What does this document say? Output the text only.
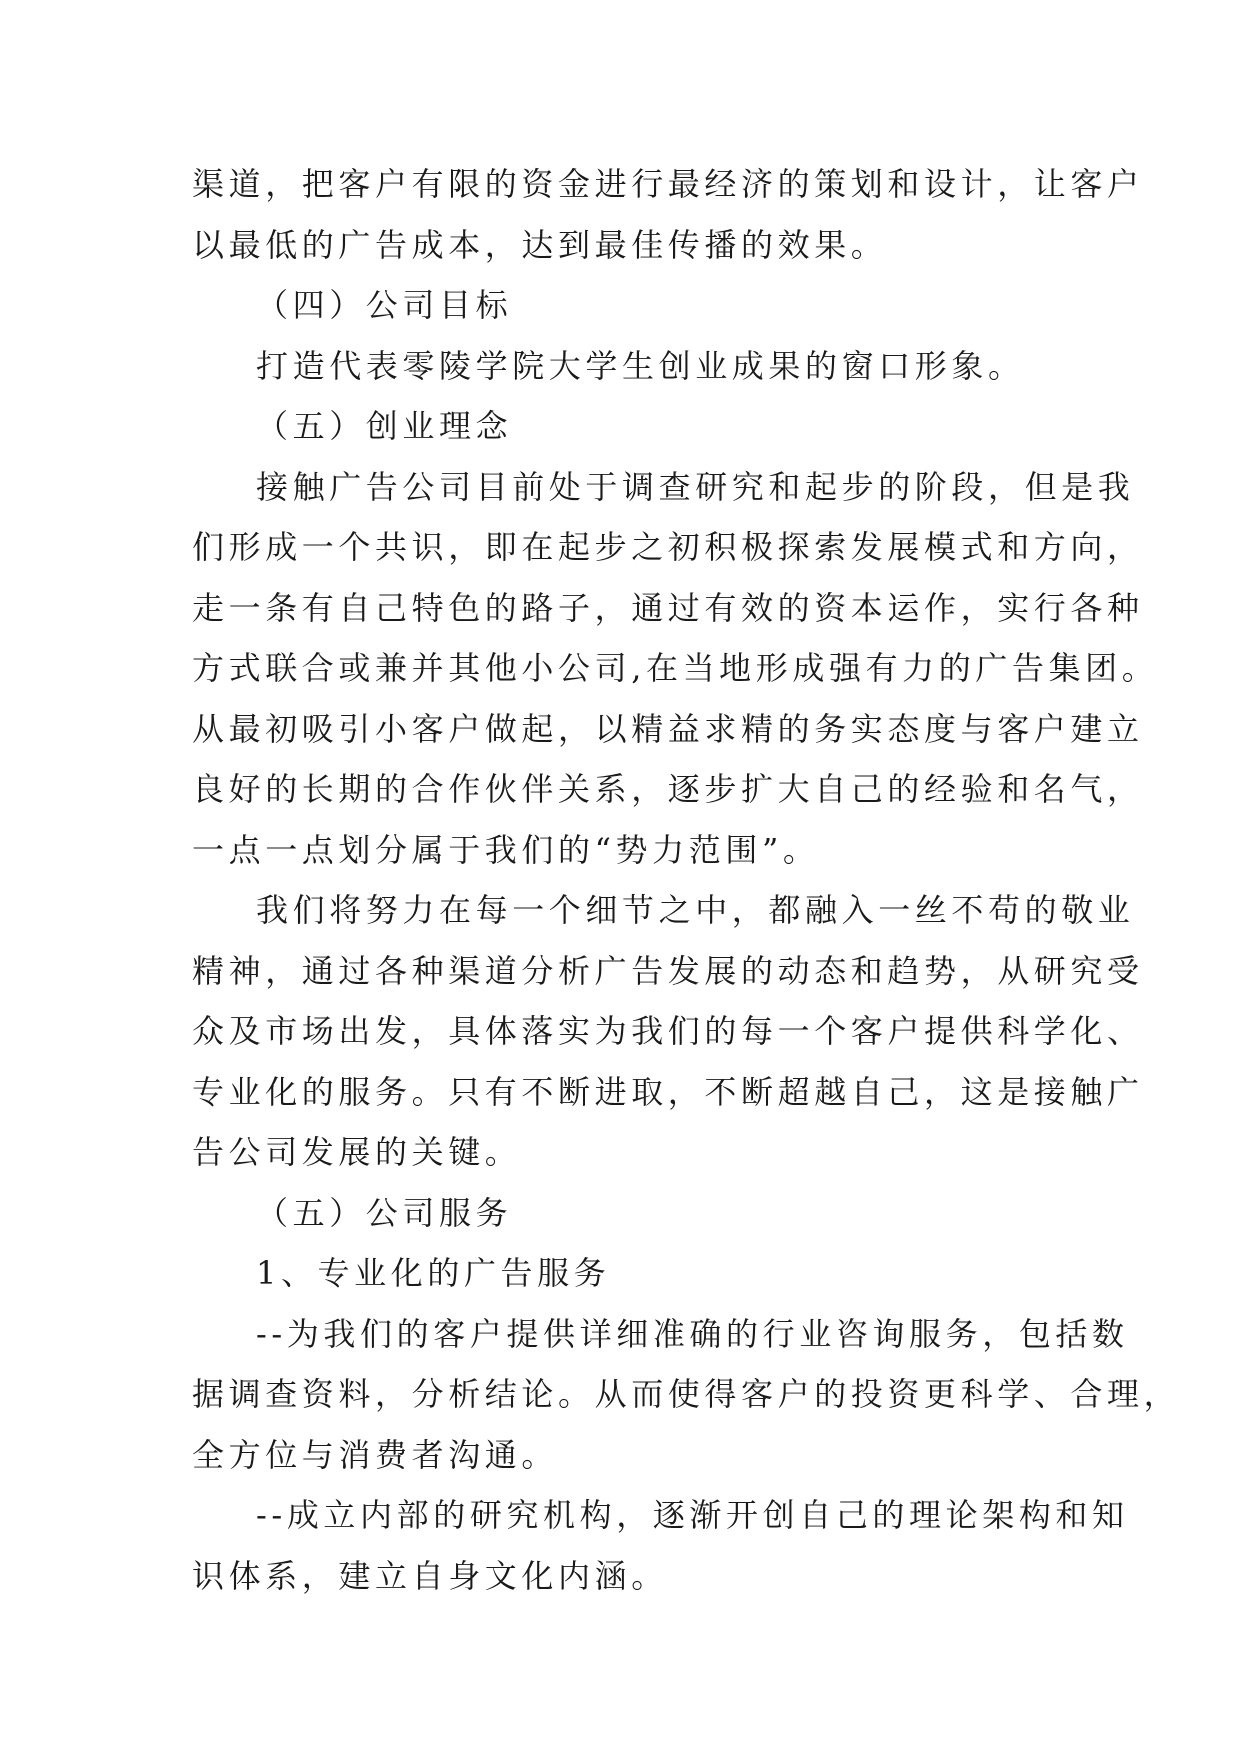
渠道，把客户有限的资金进行最经济的策划和设计，让客户
以最低的广告成本，达到最佳传播的效果。
（四）公司目标
打造代表零陵学院大学生创业成果的窗口形象。
（五）创业理念
接触广告公司目前处于调查研究和起步的阶段，但是我
们形成一个共识，即在起步之初积极探索发展模式和方向，
走一条有自己特色的路子，通过有效的资本运作，实行各种
方式联合或兼并其他小公司,在当地形成强有力的广告集团。
从最初吸引小客户做起，以精益求精的务实态度与客户建立
良好的长期的合作伙伴关系，逐步扩大自己的经验和名气，
一点一点划分属于我们的“势力范围”。
我们将努力在每一个细节之中，都融入一丝不苟的敬业
精神，通过各种渠道分析广告发展的动态和趋势，从研究受
众及市场出发，具体落实为我们的每一个客户提供科学化、
专业化的服务。只有不断进取，不断超越自己，这是接触广
告公司发展的关键。
（五）公司服务
1、专业化的广告服务
--为我们的客户提供详细准确的行业咨询服务，包括数
据调查资料，分析结论。从而使得客户的投资更科学、合理，
全方位与消费者沟通。
--成立内部的研究机构，逐渐开创自己的理论架构和知
识体系，建立自身文化内涵。
